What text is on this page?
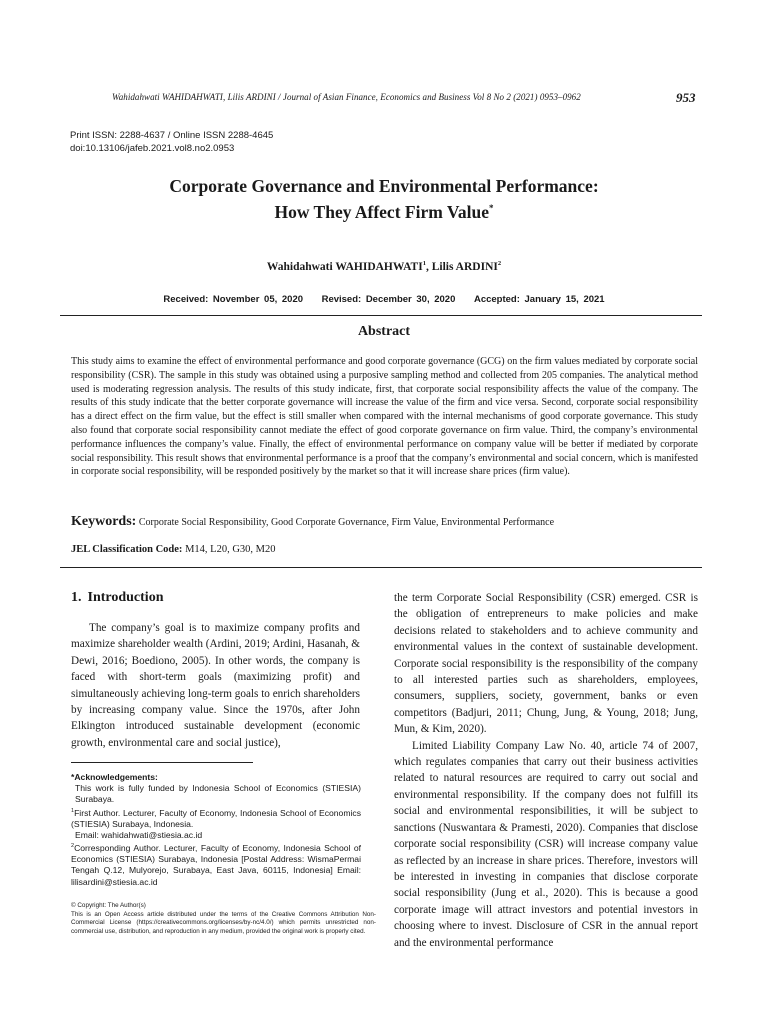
Wahidahwati WAHIDAHWATI, Lilis ARDINI / Journal of Asian Finance, Economics and Business Vol 8 No 2 (2021) 0953–0962	953
Print ISSN: 2288-4637 / Online ISSN 2288-4645
doi:10.13106/jafeb.2021.vol8.no2.0953
Corporate Governance and Environmental Performance:
How They Affect Firm Value*
Wahidahwati WAHIDAHWATI$^1$, Lilis ARDINI$^2$
Received: November 05, 2020 Revised: December 30, 2020 Accepted: January 15, 2021
Abstract
This study aims to examine the effect of environmental performance and good corporate governance (GCG) on the firm values mediated by corporate social responsibility (CSR). The sample in this study was obtained using a purposive sampling method and collected from 205 companies. The analytical method used is moderating regression analysis. The results of this study indicate, first, that corporate social responsibility affects the value of the company. The results of this study indicate that the better corporate governance will increase the value of the firm and vice versa. Second, corporate social responsibility has a direct effect on the firm value, but the effect is still smaller when compared with the internal mechanisms of good corporate governance. This study also found that corporate social responsibility cannot mediate the effect of good corporate governance on firm value. Third, the company’s environmental performance influences the company’s value. Finally, the effect of environmental performance on company value will be better if mediated by corporate social responsibility. This result shows that environmental performance is a proof that the company’s environmental and social concern, which is manifested in corporate social responsibility, will be responded positively by the market so that it will increase share prices (firm value).
Keywords: Corporate Social Responsibility, Good Corporate Governance, Firm Value, Environmental Performance
JEL Classification Code: M14, L20, G30, M20
1. Introduction

The company’s goal is to maximize company profits and maximize shareholder wealth (Ardini, 2019; Ardini, Hasanah, & Dewi, 2016; Boediono, 2005). In other words, the company is faced with short-term goals (maximizing profit) and simultaneously achieving long-term goals to enrich shareholders by increasing company value. Since the 1970s, after John Elkington introduced sustainable development (economic growth, environmental care and social justice),

the term Corporate Social Responsibility (CSR) emerged. CSR is the obligation of entrepreneurs to make policies and make decisions related to stakeholders and to achieve community and environmental values in the context of sustainable development. Corporate social responsibility is the responsibility of the company to all interested parties such as shareholders, employees, consumers, suppliers, society, government, banks or even competitors (Badjuri, 2011; Chung, Jung, & Young, 2018; Jung, Mun, & Kim, 2020).

Limited Liability Company Law No. 40, article 74 of 2007, which regulates companies that carry out their business activities related to natural resources are required to carry out social and environmental responsibility. If the company does not fulfill its social and environmental responsibilities, it will be subject to sanctions (Nuswantara & Pramesti, 2020). Companies that disclose corporate social responsibility (CSR) will increase company value as reflected by an increase in share prices. Therefore, investors will be interested in investing in companies that disclose corporate social responsibility (Jung et al., 2020). This is because a good corporate image will attract investors and potential investors in choosing where to invest. Disclosure of CSR in the annual report and the environmental performance

*Acknowledgements:

This work is fully funded by Indonesia School of Economics (STIESIA) Surabaya.

$^1$First Author. Lecturer, Faculty of Economy, Indonesia School of Economics (STIESIA) Surabaya, Indonesia.

Email: wahidahwati@stiesia.ac.id

$^2$Corresponding Author. Lecturer, Faculty of Economy, Indonesia School of Economics (STIESIA) Surabaya, Indonesia [Postal Address: WismaPermai Tengah Q.12, Mulyorejo, Surabaya, East Java, 60115, Indonesia] Email: lilisardini@stiesia.ac.id

© Copyright: The Author(s)

This is an Open Access article distributed under the terms of the Creative Commons Attribution Non-Commercial License (https://creativecommons.org/licenses/by-nc/4.0/) which permits unrestricted non-commercial use, distribution, and reproduction in any medium, provided the original work is properly cited.
